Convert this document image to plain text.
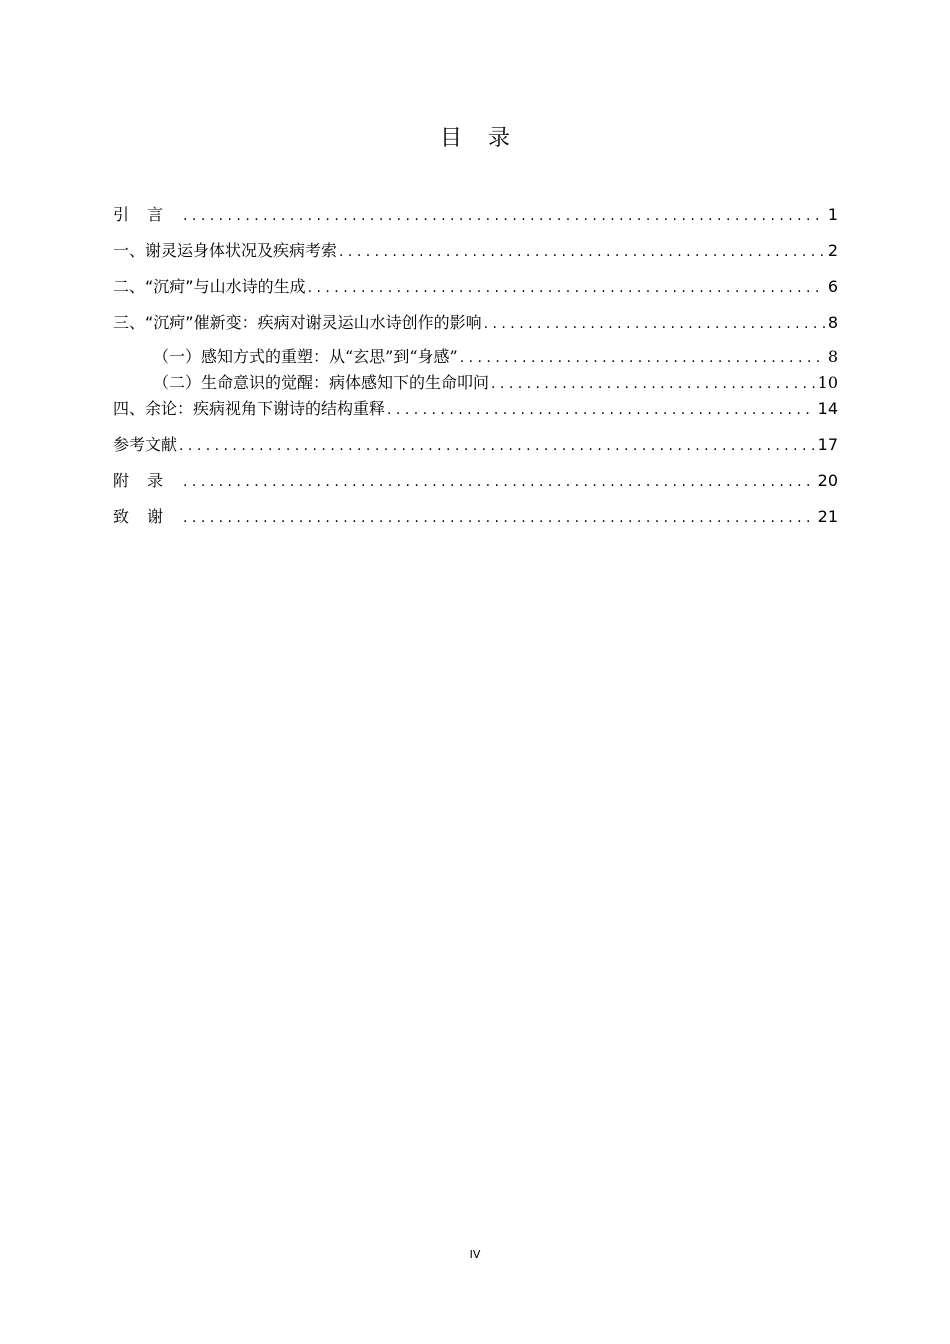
目录
引言 . . .	1
一、谢灵运身体状况及疾病考索 . . .	2
二、“沉疴”与山水诗的生成 . . .	6
三、“沉疴”催新变：疾病对谢灵运山水诗创作的影响 . . .	8
（一）感知方式的重塑：从“玄思”到“身感” . . .	8
（二）生命意识的觉醒：病体感知下的生命叩问 . . .	10
四、余论：疾病视角下谢诗的结构重释 . . .	14
参考文献 . . .	17
附录 . . .	20
致谢 . . .	21
IV
